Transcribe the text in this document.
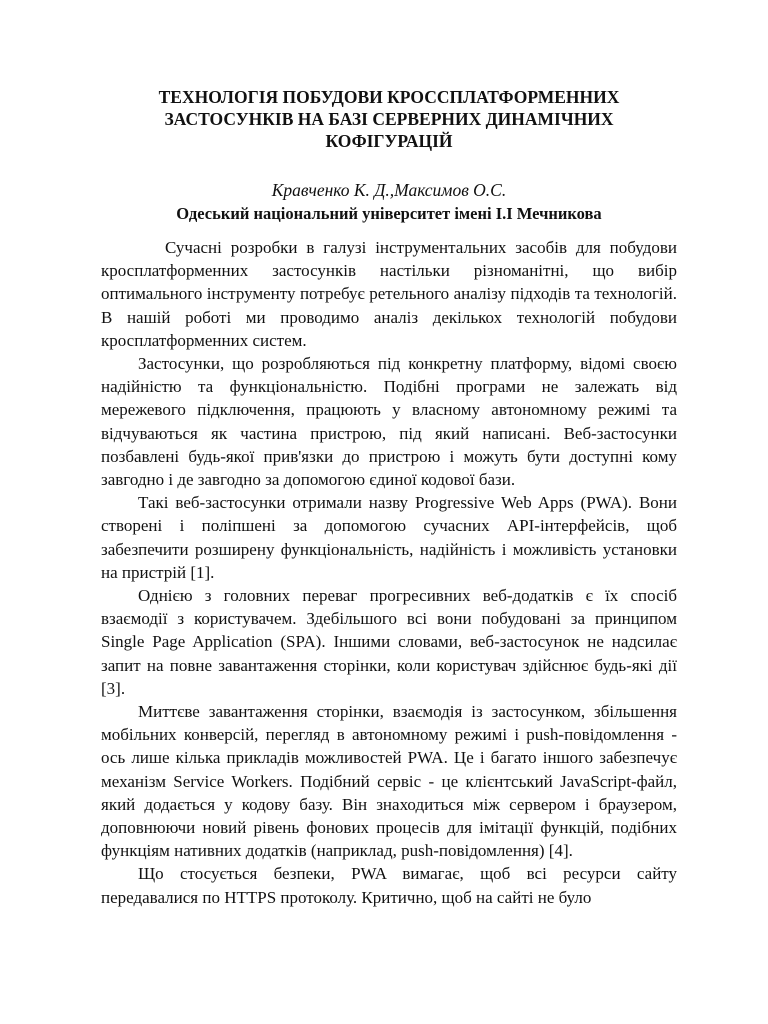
ТЕХНОЛОГІЯ ПОБУДОВИ КРОССПЛАТФОРМЕННИХ ЗАСТОСУНКІВ НА БАЗІ СЕРВЕРНИХ ДИНАМІЧНИХ КОФІГУРАЦІЙ

Кравченко К. Д.,Максимов О.С.

Одеський національний університет імені І.І Мечникова

Сучасні розробки в галузі інструментальних засобів для побудови кросплатформенних застосунків настільки різноманітні, що вибір оптимального інструменту потребує ретельного аналізу підходів та технологій. В нашій роботі ми проводимо аналіз декількох технологій побудови кросплатформенних систем.

Застосунки, що розробляються під конкретну платформу, відомі своєю надійністю та функціональністю. Подібні програми не залежать від мережевого підключення, працюють у власному автономному режимі та відчуваються як частина пристрою, під який написані. Веб-застосунки позбавлені будь-якої прив'язки до пристрою і можуть бути доступні кому завгодно і де завгодно за допомогою єдиної кодової бази.

Такі веб-застосунки отримали назву Progressive Web Apps (PWA). Вони створені і поліпшені за допомогою сучасних API-інтерфейсів, щоб забезпечити розширену функціональність, надійність і можливість установки на пристрій [1].

Однією з головних переваг прогресивних веб-додатків є їх спосіб взаємодії з користувачем. Здебільшого всі вони побудовані за принципом Single Page Application (SPA). Іншими словами, веб-застосунок не надсилає запит на повне завантаження сторінки, коли користувач здійснює будь-які дії [3].

Миттєве завантаження сторінки, взаємодія із застосунком, збільшення мобільних конверсій, перегляд в автономному режимі і push-повідомлення - ось лише кілька прикладів можливостей PWA. Це і багато іншого забезпечує механізм Service Workers. Подібний сервіс - це клієнтський JavaScript-файл, який додається у кодову базу. Він знаходиться між сервером і браузером, доповнюючи новий рівень фонових процесів для імітації функцій, подібних функціям нативних додатків (наприклад, push-повідомлення) [4].

Що стосується безпеки, PWA вимагає, щоб всі ресурси сайту передавалися по HTTPS протоколу. Критично, щоб на сайті не було
